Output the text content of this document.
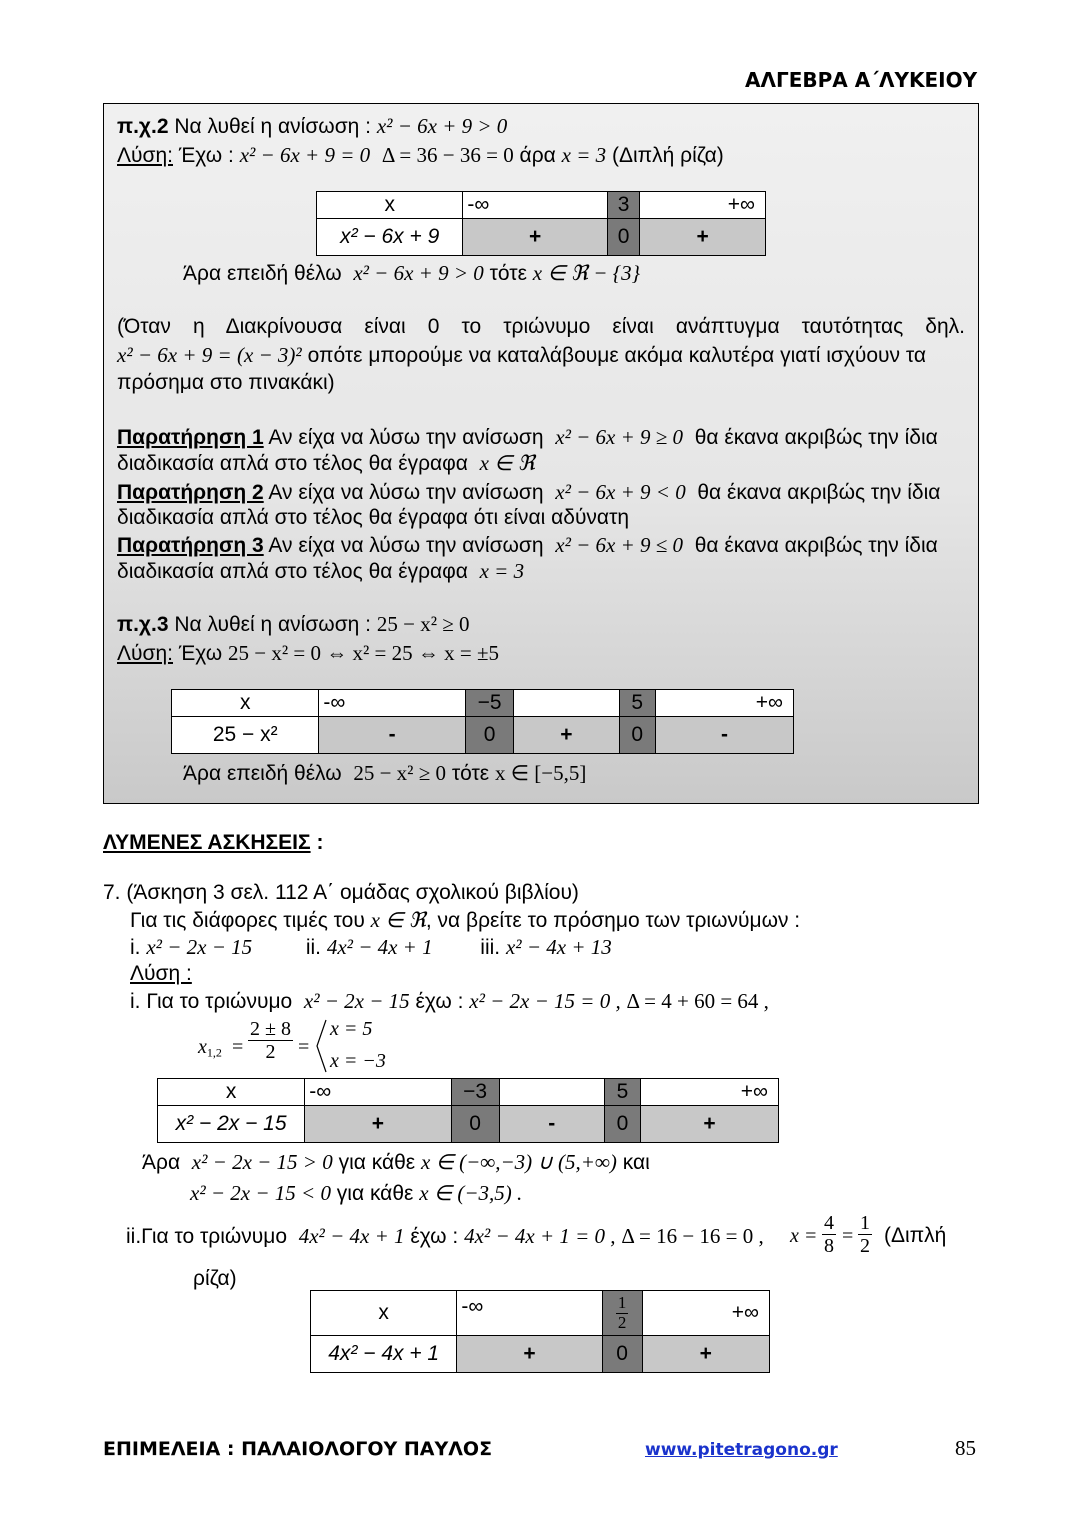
ΑΛΓΕΒΡΑ Α΄ΛΥΚΕΙΟΥ
π.χ.2 Να λυθεί η ανίσωση : x² − 6x + 9 > 0
Λύση: Έχω : x² − 6x + 9 = 0 Δ = 36 − 36 = 0 άρα x = 3 (Διπλή ρίζα)
x	-∞	3	+∞
x² − 6x + 9	+	0	+
Άρα επειδή θέλω x² − 6x + 9 > 0 τότε x ∈ ℜ − {3}
(Όταν η Διακρίνουσα είναι 0 το τριώνυμο είναι ανάπτυγμα ταυτότητας δηλ.
x² − 6x + 9 = (x − 3)² οπότε μπορούμε να καταλάβουμε ακόμα καλυτέρα γιατί ισχύουν τα
πρόσημα στο πινακάκι)
Παρατήρηση 1 Αν είχα να λύσω την ανίσωση x² − 6x + 9 ≥ 0 θα έκανα ακριβώς την ίδια
διαδικασία απλά στο τέλος θα έγραφα x ∈ ℜ
Παρατήρηση 2 Αν είχα να λύσω την ανίσωση x² − 6x + 9 < 0 θα έκανα ακριβώς την ίδια
διαδικασία απλά στο τέλος θα έγραφα ότι είναι αδύνατη
Παρατήρηση 3 Αν είχα να λύσω την ανίσωση x² − 6x + 9 ≤ 0 θα έκανα ακριβώς την ίδια
διαδικασία απλά στο τέλος θα έγραφα x = 3
π.χ.3 Να λυθεί η ανίσωση : 25 − x² ≥ 0
Λύση: Έχω 25 − x² = 0 ⇔ x² = 25 ⇔ x = ±5
x	-∞	−5		5	+∞
25 − x²	-	0	+	0	-
Άρα επειδή θέλω 25 − x² ≥ 0 τότε x ∈ [−5,5]
ΛΥΜΕΝΕΣ ΑΣΚΗΣΕΙΣ :
7. (Άσκηση 3 σελ. 112 Α΄ ομάδας σχολικού βιβλίου)
Για τις διάφορες τιμές του x ∈ ℜ, να βρείτε το πρόσημο των τριωνύμων :
i. x² − 2x − 15	ii. 4x² − 4x + 1 iii. x² − 4x + 13
Λύση :
i. Για το τριώνυμο x² − 2x − 15 έχω : x² − 2x − 15 = 0 , Δ = 4 + 60 = 64 ,
$x_{1,2} = \frac{2 \pm 8}{2}$ =
x = 5
x = −3
x	-∞	−3		5	+∞
x² − 2x − 15	+	0	-	0	+
Άρα x² − 2x − 15 > 0 για κάθε x ∈ (−∞,−3) ∪ (5,+∞) και
x² − 2x − 15 < 0 για κάθε x ∈ (−3,5) .
ii.Για το τριώνυμο 4x² − 4x + 1 έχω : 4x² − 4x + 1 = 0 , Δ = 16 − 16 = 0 , $x = \frac{4}{8} = \frac{1}{2} (\Delta\iota\pi\lambda ή$
ρίζα)
x	-∞	$\frac{1}{2}$	+∞
4x² − 4x + 1	+	0	+
ΕΠΙΜΕΛΕΙΑ : ΠΑΛΑΙΟΛΟΓΟΥ ΠΑΥΛΟΣ	www.pitetragono.gr	85
